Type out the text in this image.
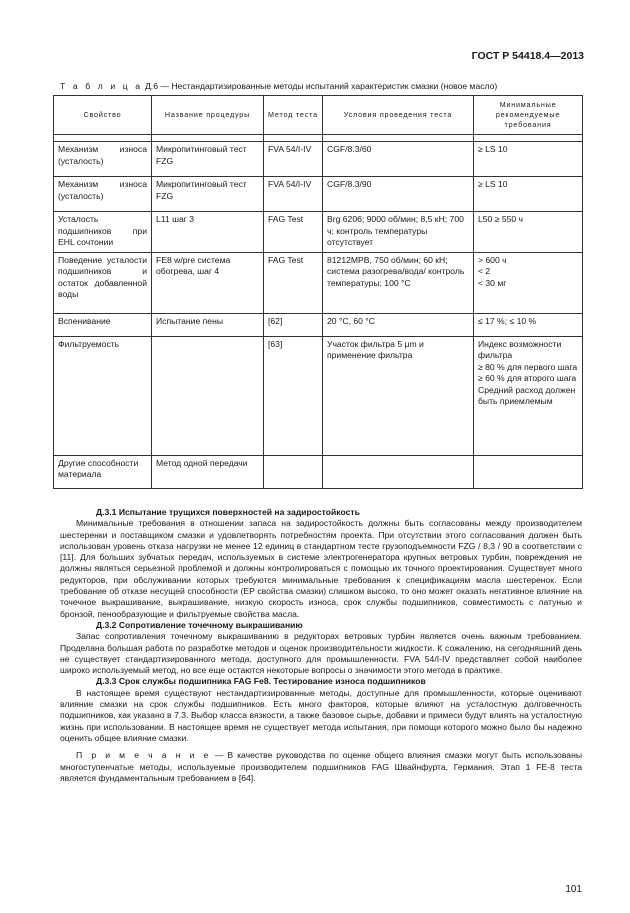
ГОСТ Р 54418.4—2013
Т а б л и ц а Д.6 — Нестандартизированные методы испытаний характеристик смазки (новое масло)
Свойство	Название процедуры	Метод теста	Условия проведения теста	Минимальные рекомендуемые требования

Механизм износа (усталость)	Микропитинговый тест FZG	FVA 54/I-IV	CGF/8.3/60	≥ LS 10
Механизм износа (усталость)	Микропитинговый тест FZG	FVA 54/I-IV	CGF/8.3/90	≥ LS 10
Усталость подшипников при EHL сочтонии	L11 шаг 3	FAG Test	Brg 6206; 9000 об/мин; 8,5 кН; 700 ч; контроль температуры отсутствует	L50 ≥ 550 ч
Поведение усталости подшипников и остаток добавленной воды	FE8 w/pre система обогрева, шаг 4	FAG Test	81212MPB, 750 об/мин; 60 кН; система разогрева/вода/ контроль температуры; 100 °С	> 600 ч
< 2
< 30 мг
Вспенивание	Испытание пены	[62]	20 °С, 60 °С	≤ 17 %; ≤ 10 %
Фильтруемость		[63]	Участок фильтра 5 μm и применение фильтра	Индекс возможности фильтра
≥ 80 % для первого шага
≥ 60 % для второго шага
Средний расход должен быть приемлемым
Другие способности материала	Метод одной передачи			

Д.3.1 Испытание трущихся поверхностей на задиростойкость

Минимальные требования в отношении запаса на задиростойкость должны быть согласованы между производителем шестеренки и поставщиком смазки и удовлетворять потребностям проекта. При отсутствии этого согласования должен быть использован уровень отказа нагрузки не менее 12 единиц в стандартном тесте грузоподъемности FZG / 8,3 / 90 в соответствии с [11]. Для больших зубчатых передач, используемых в системе электрогенератора крупных ветровых турбин, повреждения не должны являться серьезной проблемой и должны контролироваться с помощью их точного проектирования. Существует много редукторов, при обслуживании которых требуются минимальные требования к спецификациям масла шестеренок. Если требование об отказе несущей способности (EP свойства смазки) слишком высоко, то оно может оказать негативное влияние на точечное выкрашивание, выкрашивание, низкую скорость износа, срок службы подшипников, совместимость с латунью и бронзой, пенообразующие и фильтруемые свойства масла.

Д.3.2 Сопротивление точечному выкрашиванию

Запас сопротивления точечному выкрашиванию в редукторах ветровых турбин является очень важным требованием. Проделана большая работа по разработке методов и оценок производительности жидкости. К сожалению, на сегодняшний день не существует стандартизированного метода, доступного для промышленности. FVA 54/I-IV представляет собой наиболее широко используемый метод, но все еще остаются некоторые вопросы о значимости этого метода в практике.

Д.3.3 Срок службы подшипника FAG Fe8. Тестирование износа подшипников

В настоящее время существуют нестандартизированные методы, доступные для промышленности, которые оценивают влияние смазки на срок службы подшипников. Есть много факторов, которые влияют на усталостную долговечность подшипников, как указано в 7.3. Выбор класса вязкости, а также базовое сырье, добавки и примеси будут влиять на усталостную жизнь при использовании. В настоящее время не существует метода испытания, при помощи которого можно было бы надежно оценить общее влияние смазки.

П р и м е ч а н и е — В качестве руководства по оценке общего влияния смазки могут быть использованы многоступенчатые методы, используемые производителем подшипников FAG Швайнфурта, Германия. Этап 1 FE-8 теста является фундаментальным требованием в [64].

101
